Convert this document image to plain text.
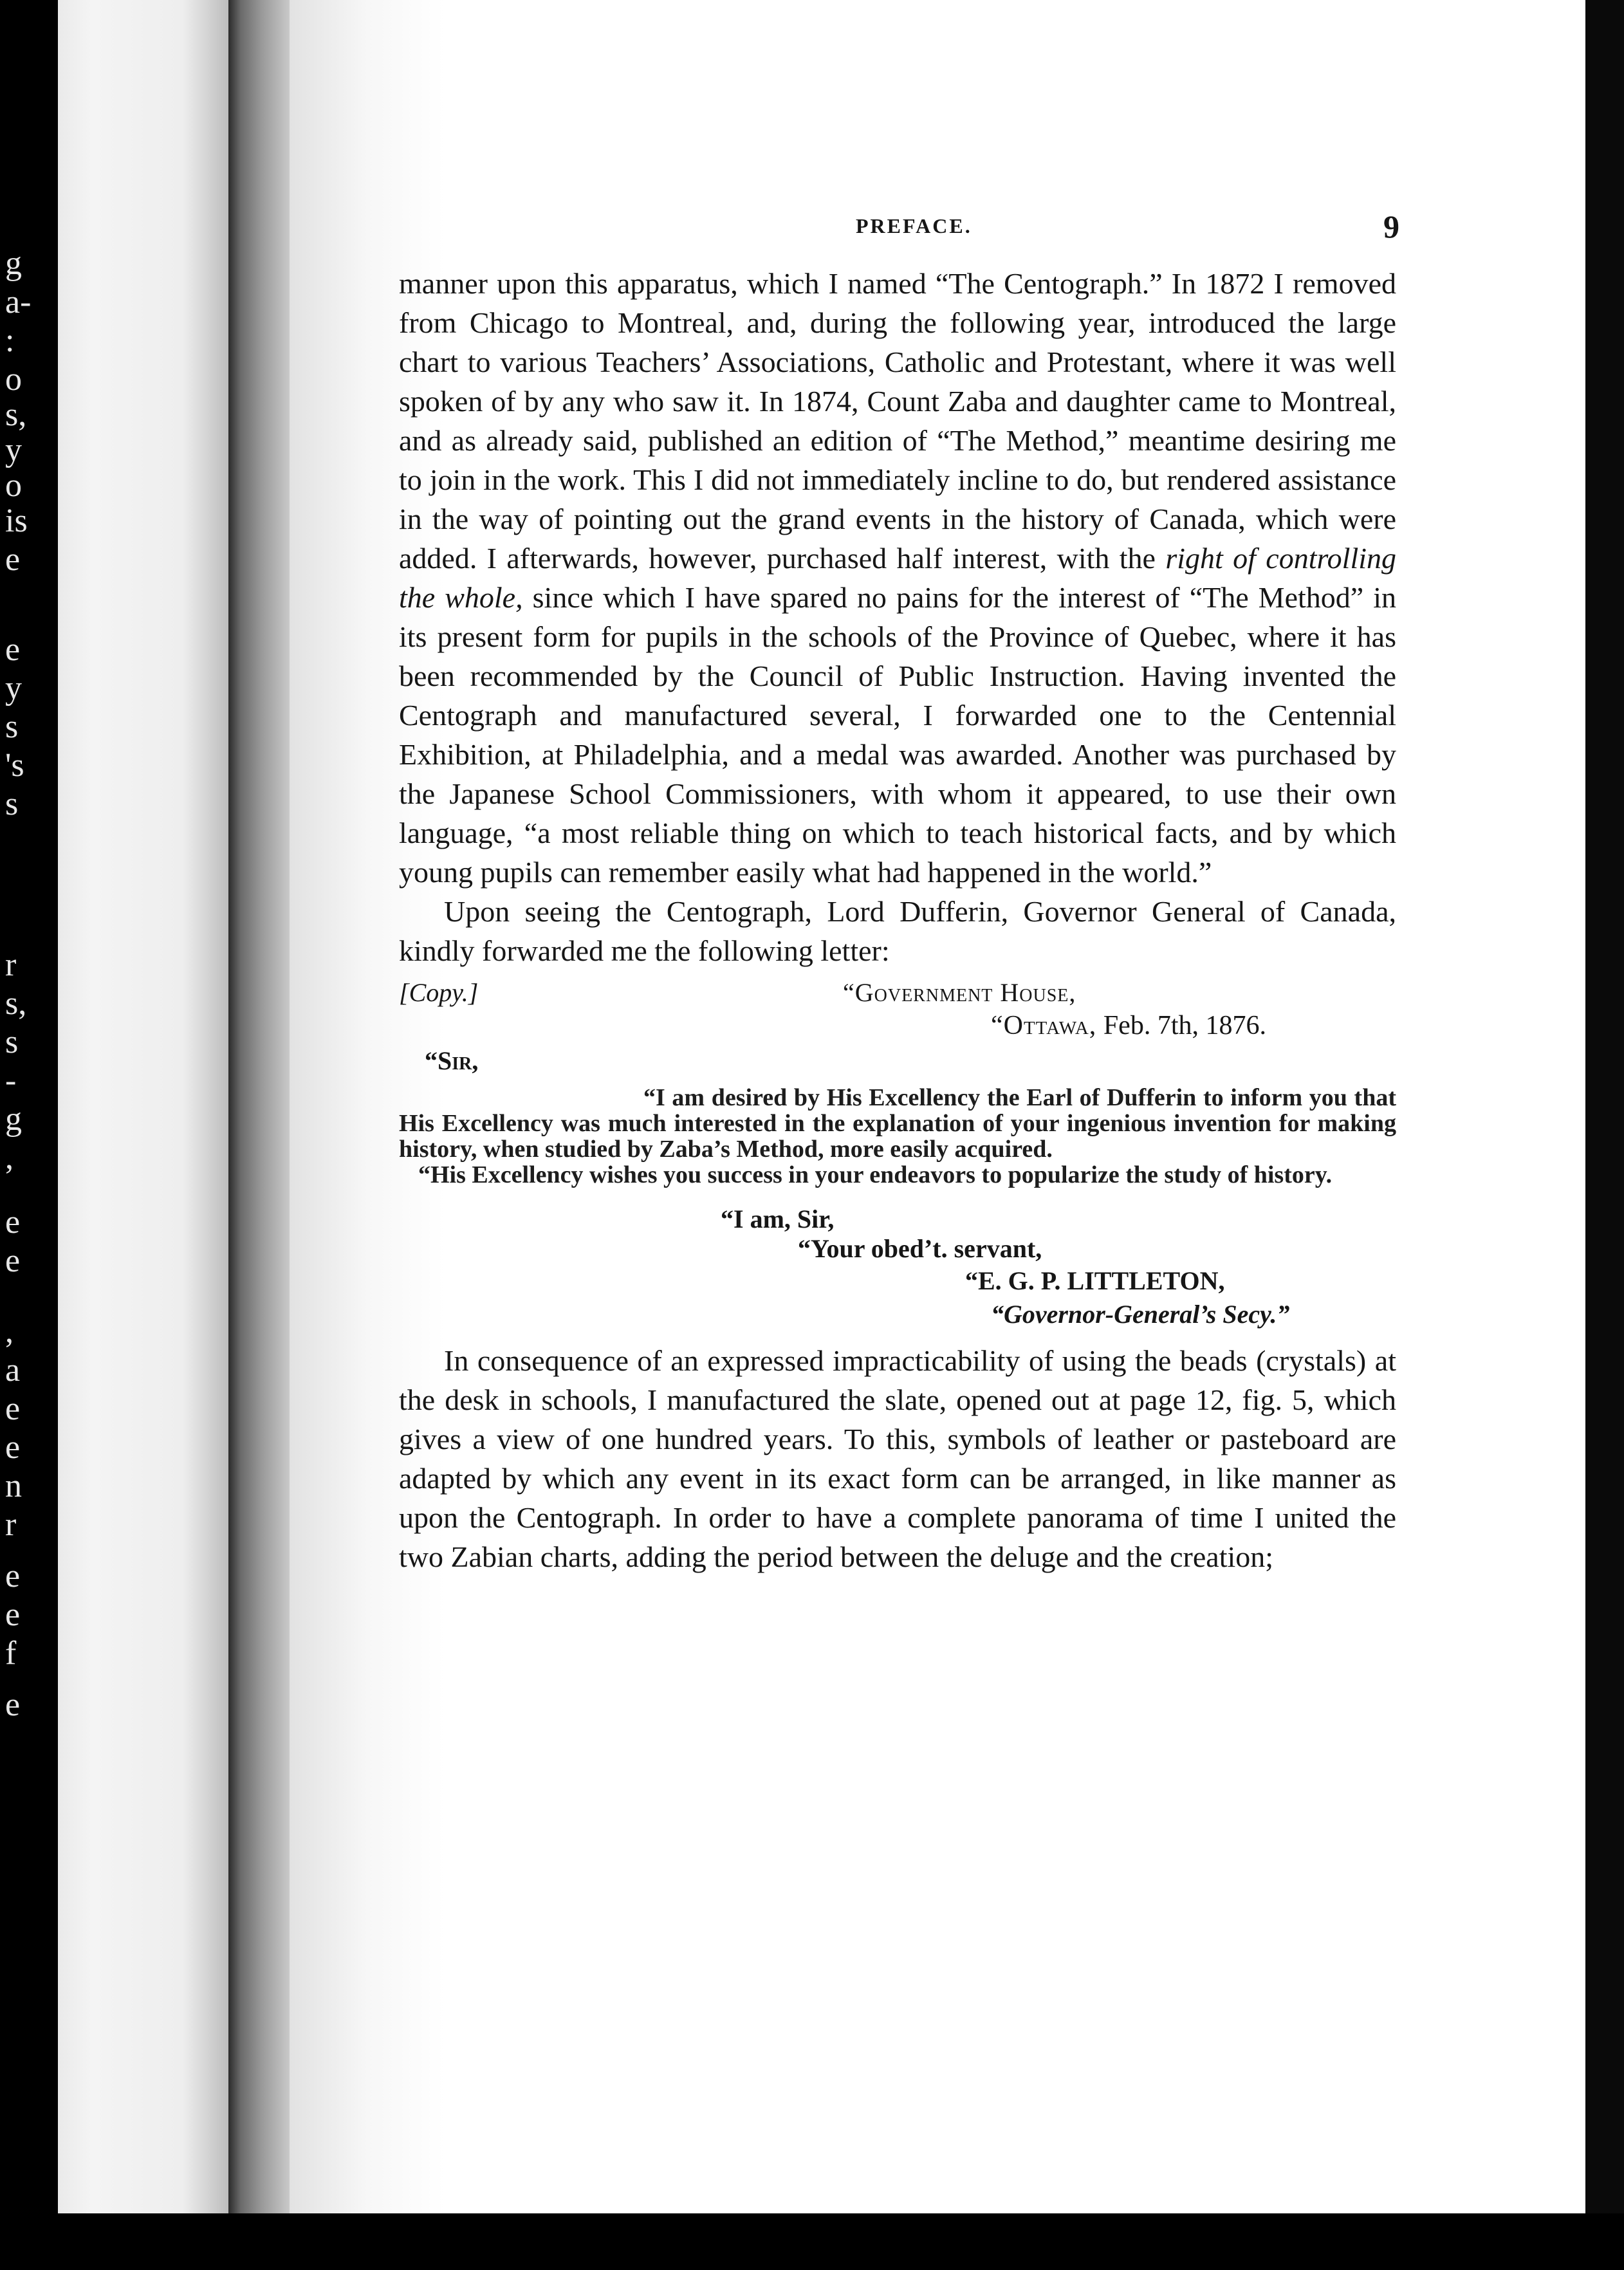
g
a-
:
o
s,
y
o
is
e
e
y
s
's
s
r
s,
s
-
g
,
e
e
,
a
e
e
n
r
e
e
f
e
PREFACE.	9

manner upon this apparatus, which I named “The Centograph.” In 1872 I removed from Chicago to Montreal, and, during the following year, introduced the large chart to various Teachers’ Associations, Catholic and Protestant, where it was well spoken of by any who saw it. In 1874, Count Zaba and daughter came to Montreal, and as already said, published an edition of “The Method,” meantime desiring me to join in the work. This I did not immediately incline to do, but rendered assistance in the way of pointing out the grand events in the history of Canada, which were added. I afterwards, however, purchased half interest, with the right of controlling the whole, since which I have spared no pains for the interest of “The Method” in its present form for pupils in the schools of the Province of Quebec, where it has been recommended by the Council of Public Instruction. Having invented the Centograph and manufactured several, I forwarded one to the Centennial Exhibition, at Philadelphia, and a medal was awarded. Another was purchased by the Japanese School Commissioners, with whom it appeared, to use their own language, “a most reliable thing on which to teach historical facts, and by which young pupils can remember easily what had happened in the world.”

Upon seeing the Centograph, Lord Dufferin, Governor General of Canada, kindly forwarded me the following letter:

[Copy.]	“Government House,
“Ottawa, Feb. 7th, 1876.
“Sir,

“I am desired by His Excellency the Earl of Dufferin to inform you that His Excellency was much interested in the explanation of your ingenious invention for making history, when studied by Zaba’s Method, more easily acquired.

“His Excellency wishes you success in your endeavors to popularize the study of history.

“I am, Sir,
“Your obed’t. servant,
“E. G. P. LITTLETON,
“Governor-General’s Secy.”

In consequence of an expressed impracticability of using the beads (crystals) at the desk in schools, I manufactured the slate, opened out at page 12, fig. 5, which gives a view of one hundred years. To this, symbols of leather or pasteboard are adapted by which any event in its exact form can be arranged, in like manner as upon the Centograph. In order to have a complete panorama of time I united the two Zabian charts, adding the period between the deluge and the creation;
